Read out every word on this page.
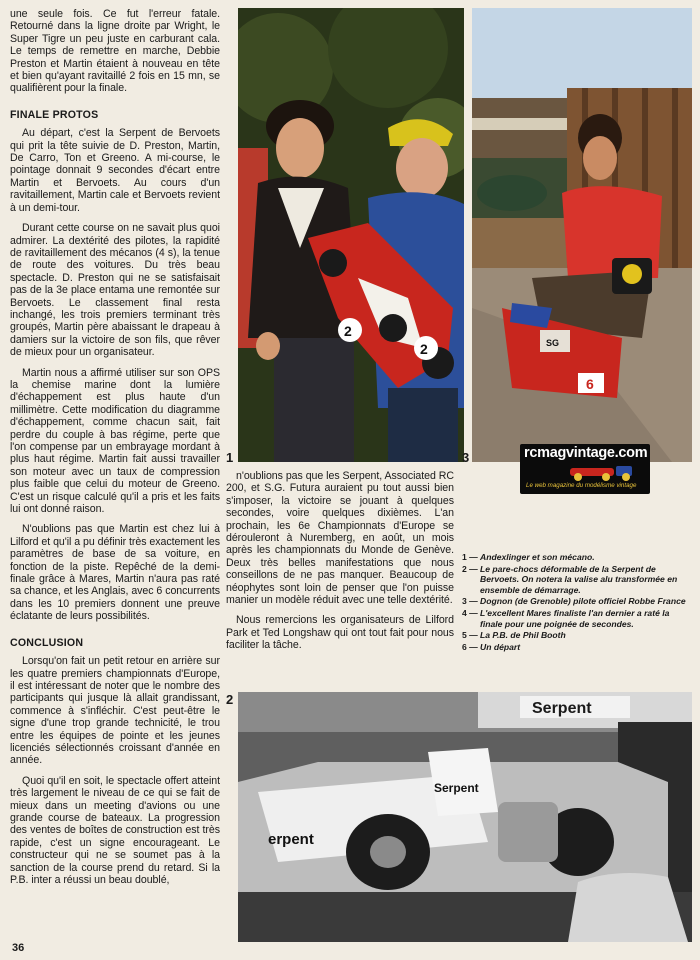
une seule fois. Ce fut l'erreur fatale. Retourné dans la ligne droite par Wright, le Super Tigre un peu juste en carburant cala. Le temps de remettre en marche, Debbie Preston et Martin étaient à nouveau en tête et bien qu'ayant ravitaillé 2 fois en 15 mn, se qualifièrent pour la finale.

FINALE PROTOS

Au départ, c'est la Serpent de Bervoets qui prit la tête suivie de D. Preston, Martin, De Carro, Ton et Greeno. A mi-course, le pointage donnait 9 secondes d'écart entre Martin et Bervoets. Au cours d'un ravitaillement, Martin cale et Bervoets revient à un demi-tour.

Durant cette course on ne savait plus quoi admirer. La dextérité des pilotes, la rapidité de ravitaillement des mécanos (4 s), la tenue de route des voitures. Du très beau spectacle. D. Preston qui ne se satisfaisait pas de la 3e place entama une remontée sur Bervoets. Le classement final resta inchangé, les trois premiers terminant très groupés, Martin père abaissant le drapeau à damiers sur la victoire de son fils, que rêver de mieux pour un organisateur.

Martin nous a affirmé utiliser sur son OPS la chemise marine dont la lumière d'échappement est plus haute d'un millimètre. Cette modification du diagramme d'échappement, comme chacun sait, fait perdre du couple à bas régime, perte que l'on compense par un embrayage mordant à plus haut régime. Martin fait aussi travailler son moteur avec un taux de compression plus faible que celui du moteur de Greeno. C'est un risque calculé qu'il a pris et les faits lui ont donné raison.

N'oublions pas que Martin est chez lui à Lilford et qu'il a pu définir très exactement les paramètres de base de sa voiture, en fonction de la piste. Repêché de la demi-finale grâce à Mares, Martin n'aura pas raté sa chance, et les Anglais, avec 6 concurrents dans les 10 premiers donnent une preuve éclatante de leurs possibilités.

CONCLUSION

Lorsqu'on fait un petit retour en arrière sur les quatre premiers championnats d'Europe, il est intéressant de noter que le nombre des participants qui jusque là allait grandissant, commence à s'infléchir. C'est peut-être le signe d'une trop grande technicité, le trou entre les équipes de pointe et les jeunes licenciés sélectionnés croissant d'année en année.

Quoi qu'il en soit, le spectacle offert atteint très largement le niveau de ce qui se fait de mieux dans un meeting d'avions ou une grande course de bateaux. La progression des ventes de boîtes de construction est très rapide, c'est un signe encourageant. Le constructeur qui ne se soumet pas à la sanction de la course prend du retard. Si la P.B. inter a réussi un beau doublé,

2
2
1
SG
6
3	rcmagvintage.com
Le web magazine du modélisme vintage

n'oublions pas que les Serpent, Associated RC 200, et S.G. Futura auraient pu tout aussi bien s'imposer, la victoire se jouant à quelques secondes, voire quelques dixièmes. L'an prochain, les 6e Championnats d'Europe se dérouleront à Nuremberg, en août, un mois après les championnats du Monde de Genève. Deux très belles manifestations que nous conseillons de ne pas manquer. Beaucoup de néophytes sont loin de penser que l'on puisse manier un modèle réduit avec une telle dextérité.

Nous remercions les organisateurs de Lilford Park et Ted Longshaw qui ont tout fait pour nous faciliter la tâche.

1 — Andexlinger et son mécano.
2 — Le pare-chocs déformable de la Serpent de Bervoets. On notera la valise alu transformée en ensemble de démarrage.
3 — Dognon (de Grenoble) pilote officiel Robbe France
4 — L'excellent Mares finaliste l'an dernier a raté la finale pour une poignée de secondes.
5 — La P.B. de Phil Booth
6 — Un départ
2
Serpent
Serpent
erpent
36
